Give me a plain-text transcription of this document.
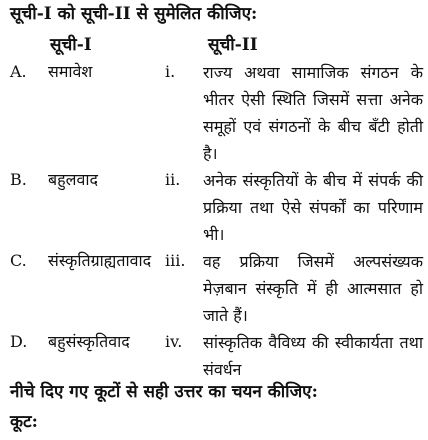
सूची-I को सूची-II से सुमेलित कीजिए:
सूची-I	सूची-II
A. समावेश	i. राज्य अथवा सामाजिक संगठन के भीतर ऐसी स्थिति जिसमें सत्ता अनेक समूहों एवं संगठनों के बीच बँटी होती है।
B. बहुलवाद	ii. अनेक संस्कृतियों के बीच में संपर्क की प्रक्रिया तथा ऐसे संपर्कों का परिणाम भी।
C. संस्कृतिग्राह्यतावाद iii. वह प्रक्रिया जिसमें अल्पसंख्यक मेज़बान संस्कृति में ही आत्मसात हो जाते हैं।
D. बहुसंस्कृतिवाद iv. सांस्कृतिक वैविध्य की स्वीकार्यता तथा संवर्धन
नीचे दिए गए कूटों से सही उत्तर का चयन कीजिए:
कूट:
